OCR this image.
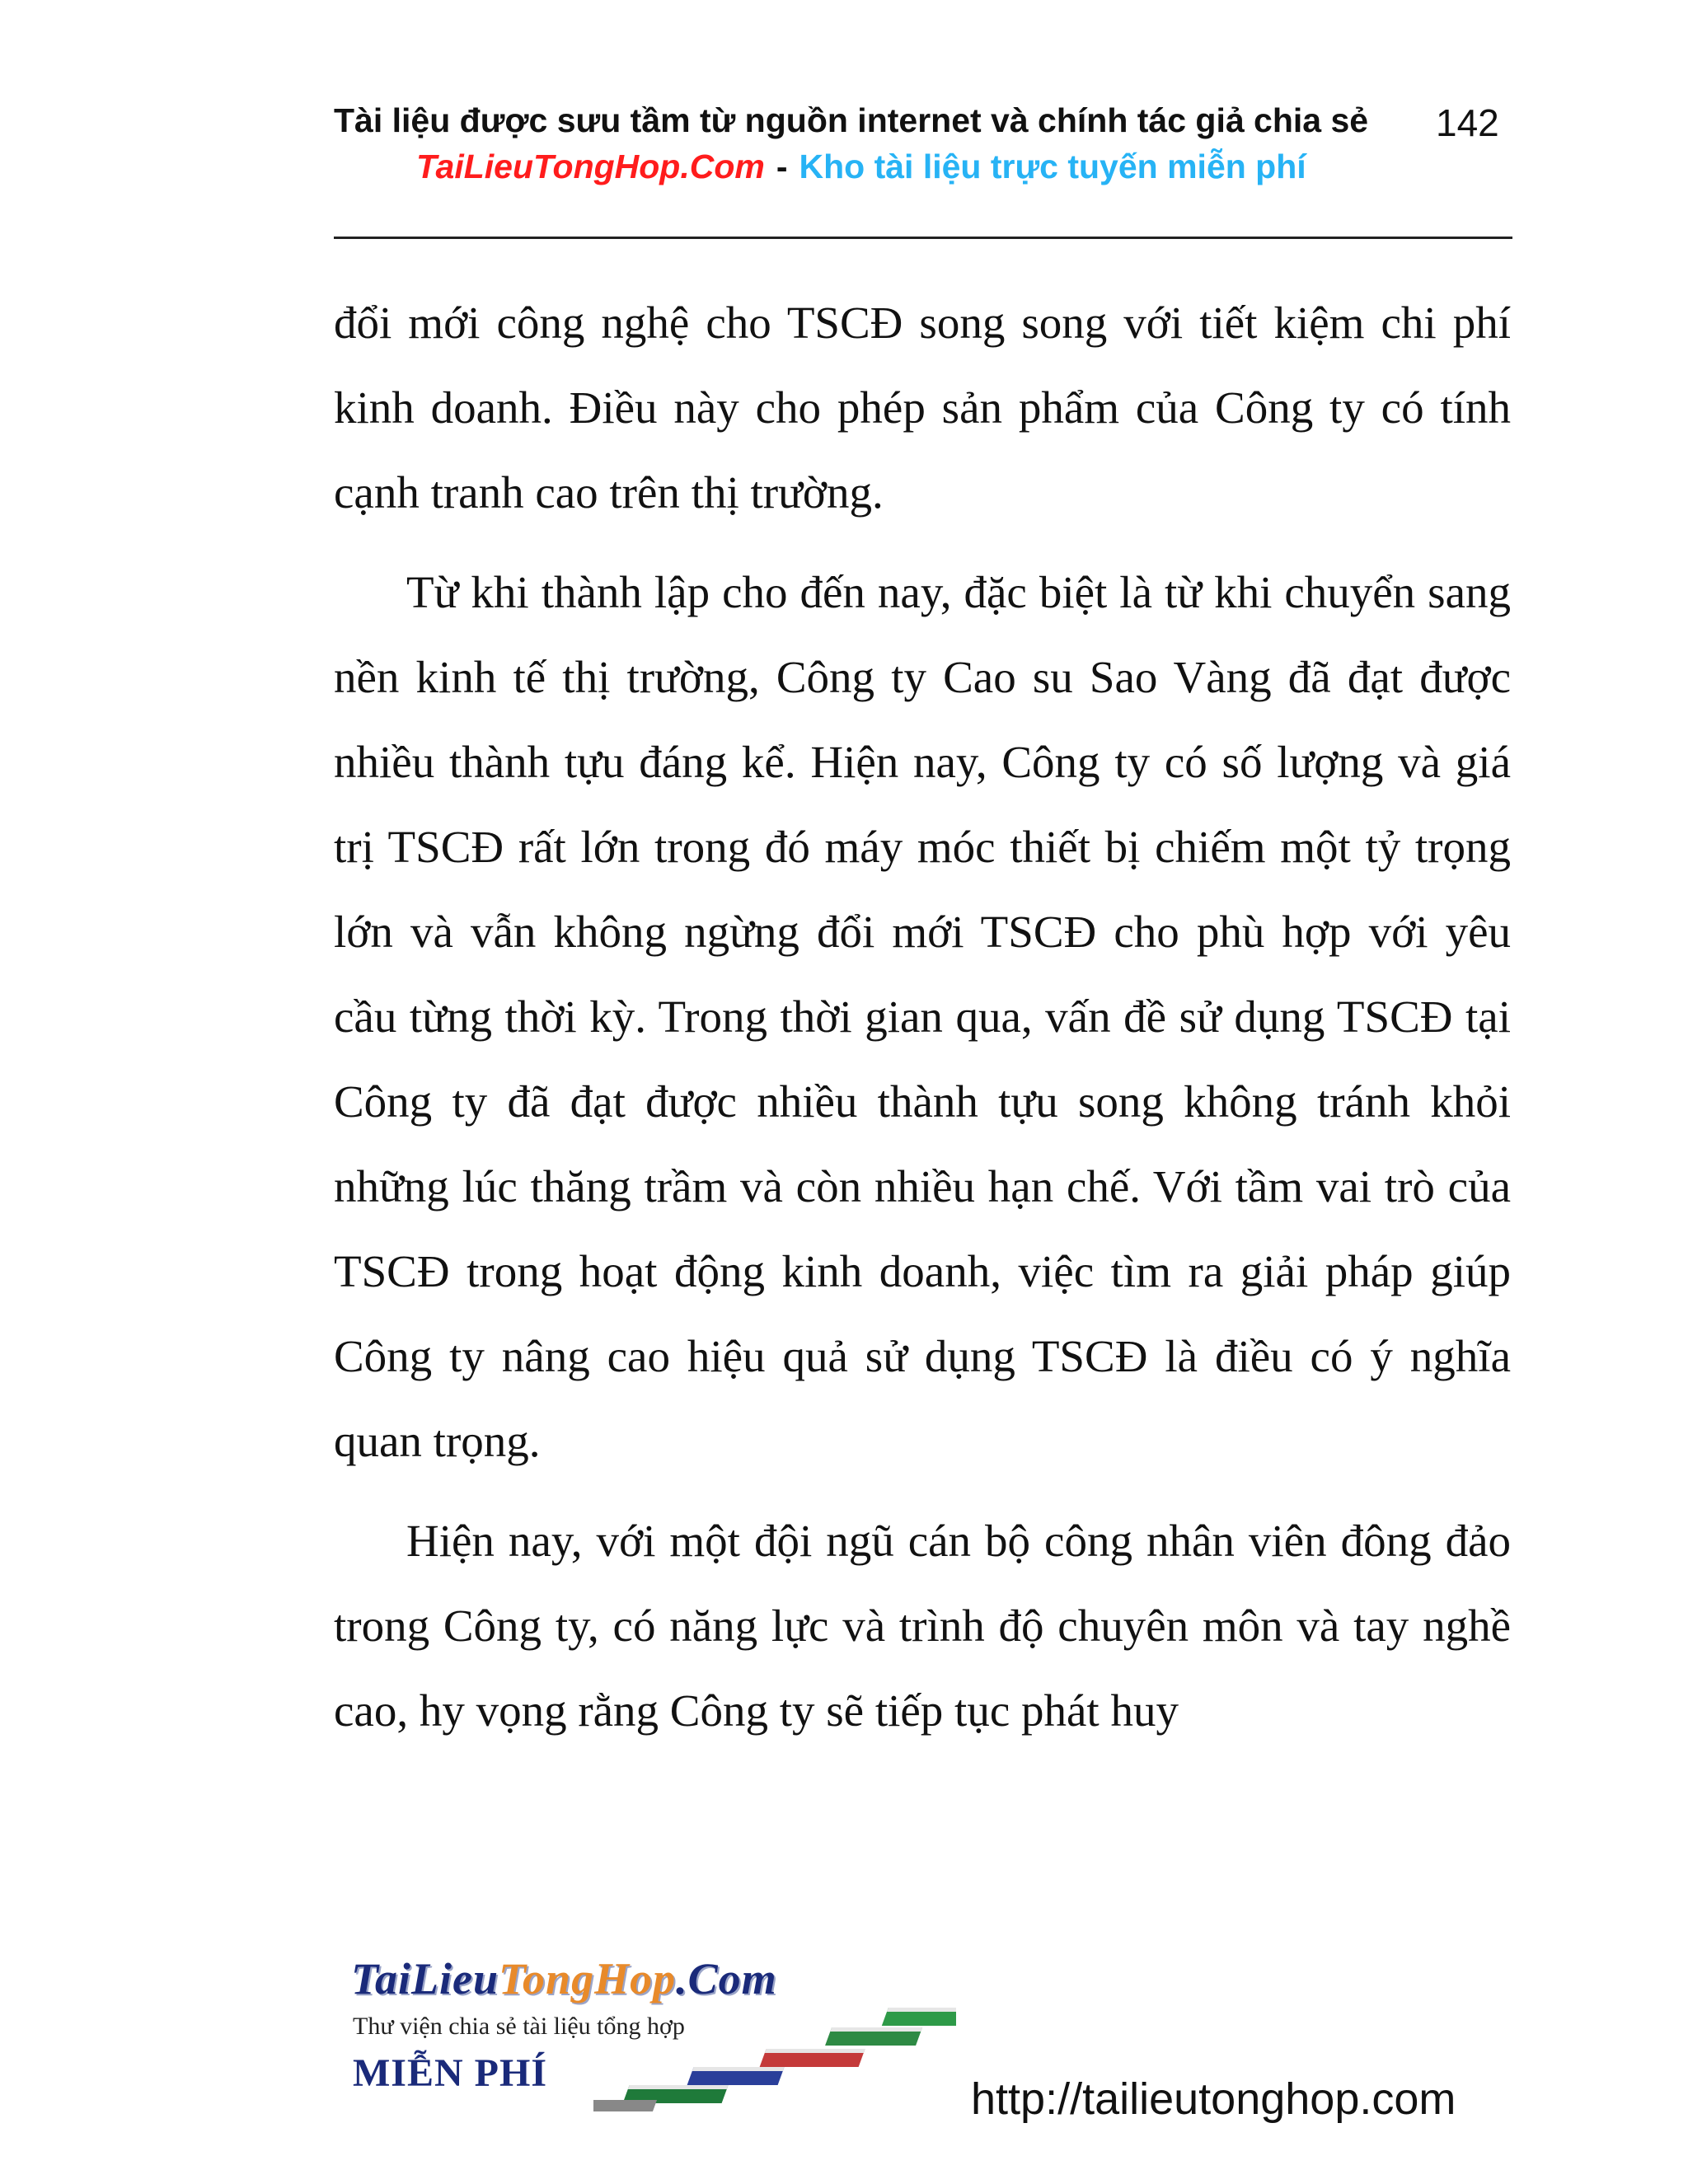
Tài liệu được sưu tầm từ nguồn internet và chính tác giả chia sẻ	142
TaiLieuTongHop.Com - Kho tài liệu trực tuyến miễn phí

đổi mới công nghệ cho TSCĐ song song với tiết kiệm chi phí kinh doanh. Điều này cho phép sản phẩm của Công ty có tính cạnh tranh cao trên thị trường.

Từ khi thành lập cho đến nay, đặc biệt là từ khi chuyển sang nền kinh tế thị trường, Công ty Cao su Sao Vàng đã đạt được nhiều thành tựu đáng kể. Hiện nay, Công ty có số lượng và giá trị TSCĐ rất lớn trong đó máy móc thiết bị chiếm một tỷ trọng lớn và vẫn không ngừng đổi mới TSCĐ cho phù hợp với yêu cầu từng thời kỳ. Trong thời gian qua, vấn đề sử dụng TSCĐ tại Công ty đã đạt được nhiều thành tựu song không tránh khỏi những lúc thăng trầm và còn nhiều hạn chế. Với tầm vai trò của TSCĐ trong hoạt động kinh doanh, việc tìm ra giải pháp giúp Công ty nâng cao hiệu quả sử dụng TSCĐ là điều có ý nghĩa quan trọng.

Hiện nay, với một đội ngũ cán bộ công nhân viên đông đảo trong Công ty, có năng lực và trình độ chuyên môn và tay nghề cao, hy vọng rằng Công ty sẽ tiếp tục phát huy

TaiLieuTongHop.Com
Thư viện chia sẻ tài liệu tổng hợp
MIỄN PHÍ
http://tailieutonghop.com
